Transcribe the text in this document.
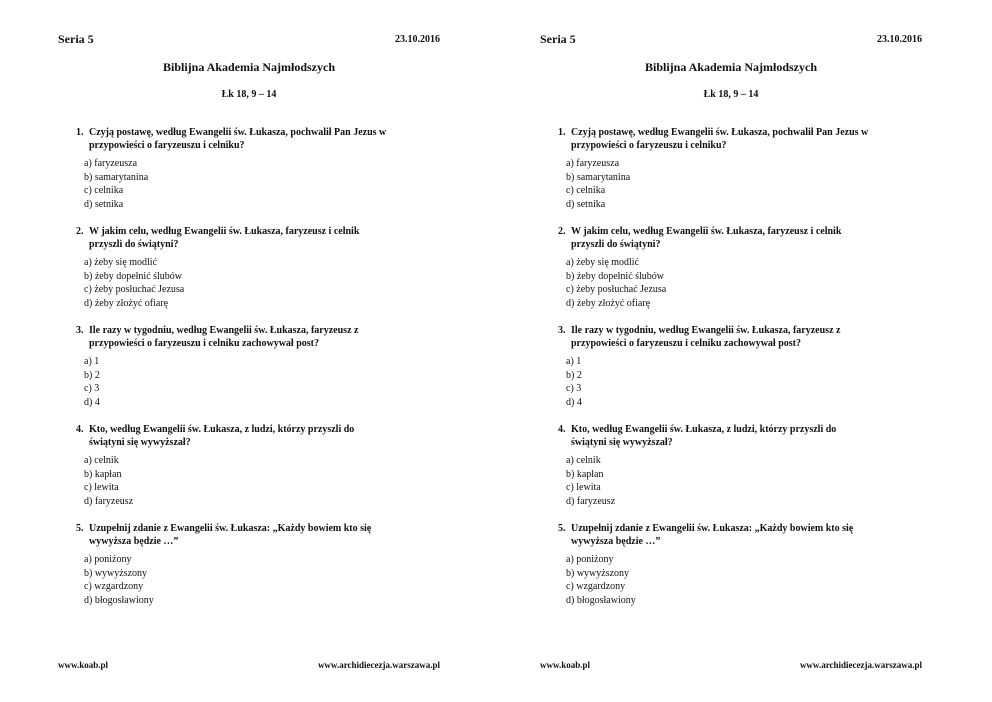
Seria 5	23.10.2016
Biblijna Akademia Najmłodszych
Łk 18, 9 – 14
1. Czyją postawę, według Ewangelii św. Łukasza, pochwalił Pan Jezus w
przypowieści o faryzeuszu i celniku?
a) faryzeusza
b) samarytanina
c) celnika
d) setnika
2. W jakim celu, według Ewangelii św. Łukasza, faryzeusz i celnik
przyszli do świątyni?
a) żeby się modlić
b) żeby dopełnić ślubów
c) żeby posłuchać Jezusa
d) żeby złożyć ofiarę
3. Ile razy w tygodniu, według Ewangelii św. Łukasza, faryzeusz z
przypowieści o faryzeuszu i celniku zachowywał post?
a) 1
b) 2
c) 3
d) 4
4. Kto, według Ewangelii św. Łukasza, z ludzi, którzy przyszli do
świątyni się wywyższał?
a) celnik
b) kapłan
c) lewita
d) faryzeusz
5. Uzupełnij zdanie z Ewangelii św. Łukasza: „Każdy bowiem kto się
wywyższa będzie …”
a) poniżony
b) wywyższony
c) wzgardzony
d) błogosławiony
www.koab.pl	www.archidiecezja.warszawa.pl
Seria 5	23.10.2016
Biblijna Akademia Najmłodszych
Łk 18, 9 – 14
1. Czyją postawę, według Ewangelii św. Łukasza, pochwalił Pan Jezus w
przypowieści o faryzeuszu i celniku?
a) faryzeusza
b) samarytanina
c) celnika
d) setnika
2. W jakim celu, według Ewangelii św. Łukasza, faryzeusz i celnik
przyszli do świątyni?
a) żeby się modlić
b) żeby dopełnić ślubów
c) żeby posłuchać Jezusa
d) żeby złożyć ofiarę
3. Ile razy w tygodniu, według Ewangelii św. Łukasza, faryzeusz z
przypowieści o faryzeuszu i celniku zachowywał post?
a) 1
b) 2
c) 3
d) 4
4. Kto, według Ewangelii św. Łukasza, z ludzi, którzy przyszli do
świątyni się wywyższał?
a) celnik
b) kapłan
c) lewita
d) faryzeusz
5. Uzupełnij zdanie z Ewangelii św. Łukasza: „Każdy bowiem kto się
wywyższa będzie …”
a) poniżony
b) wywyższony
c) wzgardzony
d) błogosławiony
www.koab.pl	www.archidiecezja.warszawa.pl
